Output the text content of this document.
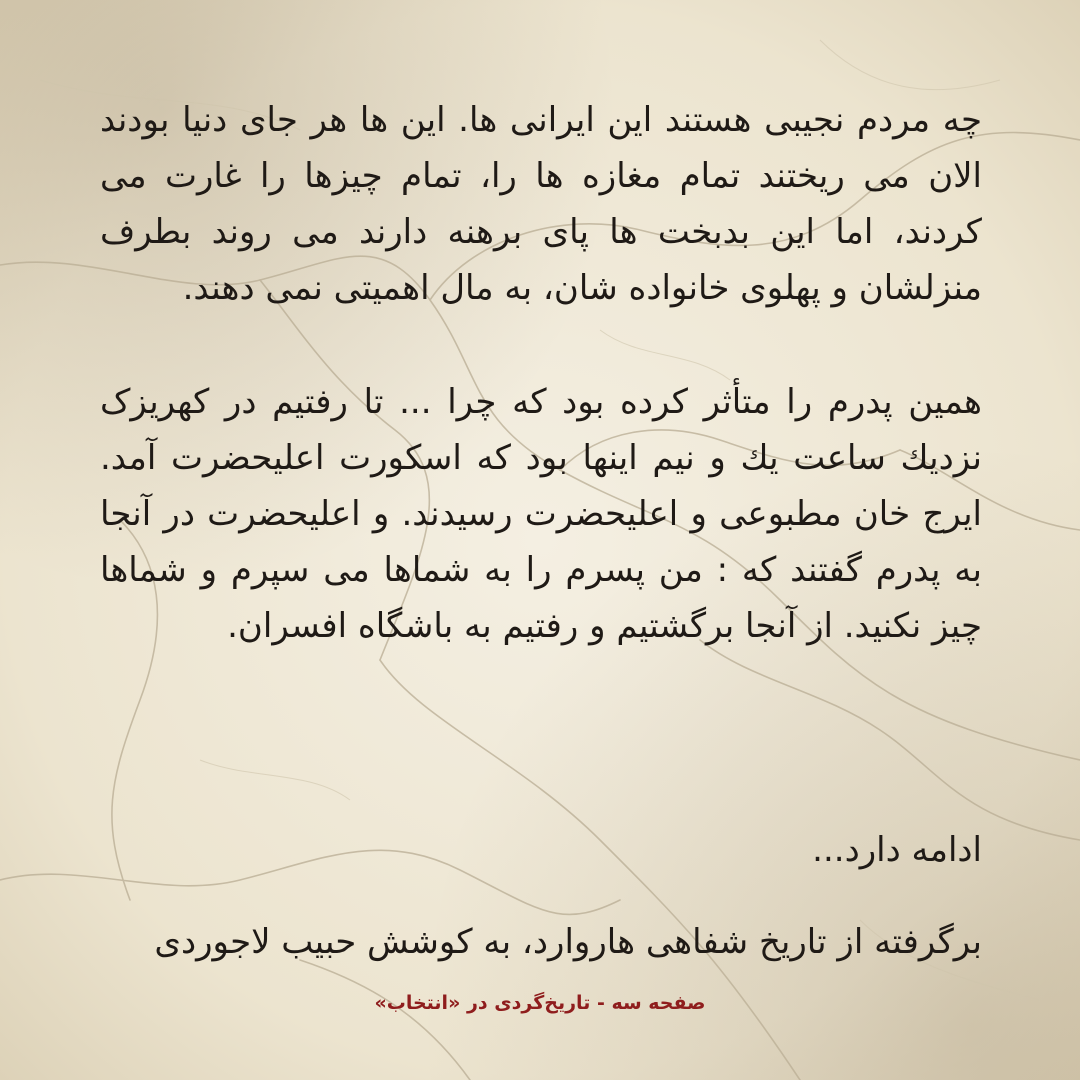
چه مردم نجیبی هستند این ایرانی ها. این ها هر جای دنیا بودند الان می ریختند تمام مغازه ها را، تمام چیزها را غارت می کردند، اما این بدبخت ها پای برهنه دارند می روند بطرف منزلشان و پهلوی خانواده شان، به مال اهمیتی نمی دهند.

همین پدرم را متأثر کرده بود که چرا ... تا رفتیم در کهریزک نزدیك ساعت يك و نیم اینها بود که اسکورت اعلیحضرت آمد. ایرج خان مطبوعی و اعلیحضرت رسیدند. و اعلیحضرت در آنجا به پدرم گفتند که : من پسرم را به شماها می سپرم و شماها چیز نکنید. از آنجا برگشتیم و رفتیم به باشگاه افسران.

ادامه دارد...

برگرفته از تاریخ شفاهی هاروارد، به کوشش حبیب لاجوردی

صفحه سه - تاریخ‌گردی در «انتخاب»
